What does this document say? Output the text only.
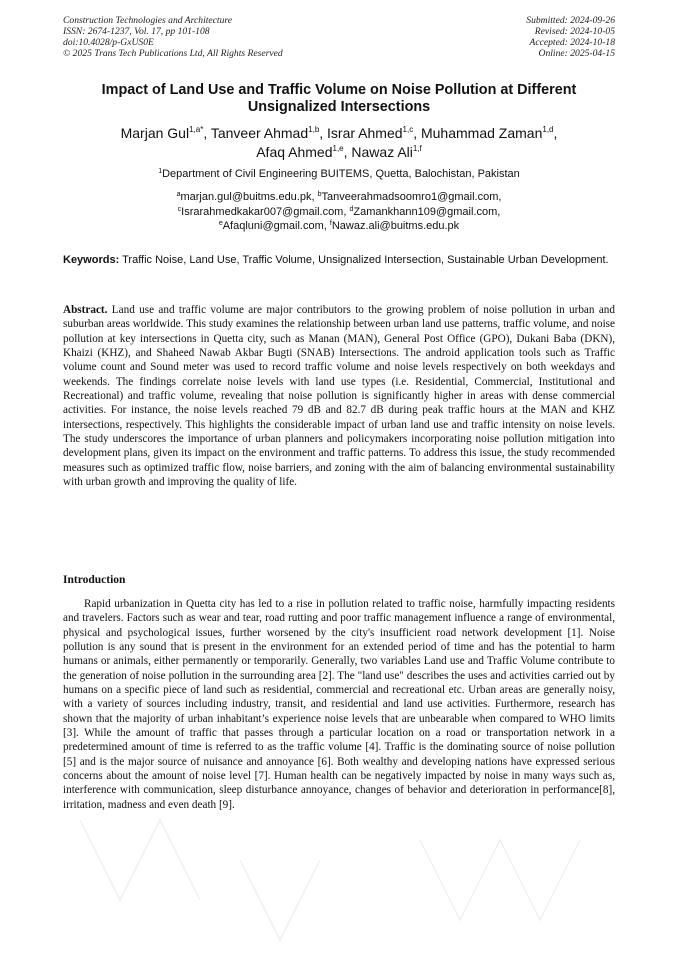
Construction Technologies and Architecture
ISSN: 2674-1237, Vol. 17, pp 101-108
doi:10.4028/p-GxUS0E
© 2025 Trans Tech Publications Ltd, All Rights Reserved
Submitted: 2024-09-26
Revised: 2024-10-05
Accepted: 2024-10-18
Online: 2025-04-15
Impact of Land Use and Traffic Volume on Noise Pollution at Different Unsignalized Intersections
Marjan Gul$^{1,a*}$, Tanveer Ahmad$^{1,b}$, Israr Ahmed$^{1,c}$, Muhammad Zaman$^{1,d}$,
Afaq Ahmed$^{1,e}$, Nawaz Ali$^{1,f}$
$^1$Department of Civil Engineering BUITEMS, Quetta, Balochistan, Pakistan
$^a$marjan.gul@buitms.edu.pk, $^b$Tanveerahmadsoomro1@gmail.com,
$^c$Israrahmedkakar007@gmail.com, $^d$Zamankhann109@gmail.com,
$^e$Afaqluni@gmail.com, $^f$Nawaz.ali@buitms.edu.pk
Keywords: Traffic Noise, Land Use, Traffic Volume, Unsignalized Intersection, Sustainable Urban Development.
Abstract. Land use and traffic volume are major contributors to the growing problem of noise pollution in urban and suburban areas worldwide. This study examines the relationship between urban land use patterns, traffic volume, and noise pollution at key intersections in Quetta city, such as Manan (MAN), General Post Office (GPO), Dukani Baba (DKN), Khaizi (KHZ), and Shaheed Nawab Akbar Bugti (SNAB) Intersections. The android application tools such as Traffic volume count and Sound meter was used to record traffic volume and noise levels respectively on both weekdays and weekends. The findings correlate noise levels with land use types (i.e. Residential, Commercial, Institutional and Recreational) and traffic volume, revealing that noise pollution is significantly higher in areas with dense commercial activities. For instance, the noise levels reached 79 dB and 82.7 dB during peak traffic hours at the MAN and KHZ intersections, respectively. This highlights the considerable impact of urban land use and traffic intensity on noise levels. The study underscores the importance of urban planners and policymakers incorporating noise pollution mitigation into development plans, given its impact on the environment and traffic patterns. To address this issue, the study recommended measures such as optimized traffic flow, noise barriers, and zoning with the aim of balancing environmental sustainability with urban growth and improving the quality of life.
Introduction
Rapid urbanization in Quetta city has led to a rise in pollution related to traffic noise, harmfully impacting residents and travelers. Factors such as wear and tear, road rutting and poor traffic management influence a range of environmental, physical and psychological issues, further worsened by the city's insufficient road network development [1]. Noise pollution is any sound that is present in the environment for an extended period of time and has the potential to harm humans or animals, either permanently or temporarily. Generally, two variables Land use and Traffic Volume contribute to the generation of noise pollution in the surrounding area [2]. The "land use" describes the uses and activities carried out by humans on a specific piece of land such as residential, commercial and recreational etc. Urban areas are generally noisy, with a variety of sources including industry, transit, and residential and land use activities. Furthermore, research has shown that the majority of urban inhabitant’s experience noise levels that are unbearable when compared to WHO limits [3]. While the amount of traffic that passes through a particular location on a road or transportation network in a predetermined amount of time is referred to as the traffic volume [4]. Traffic is the dominating source of noise pollution [5] and is the major source of nuisance and annoyance [6]. Both wealthy and developing nations have expressed serious concerns about the amount of noise level [7]. Human health can be negatively impacted by noise in many ways such as, interference with communication, sleep disturbance annoyance, changes of behavior and deterioration in performance[8], irritation, madness and even death [9].
